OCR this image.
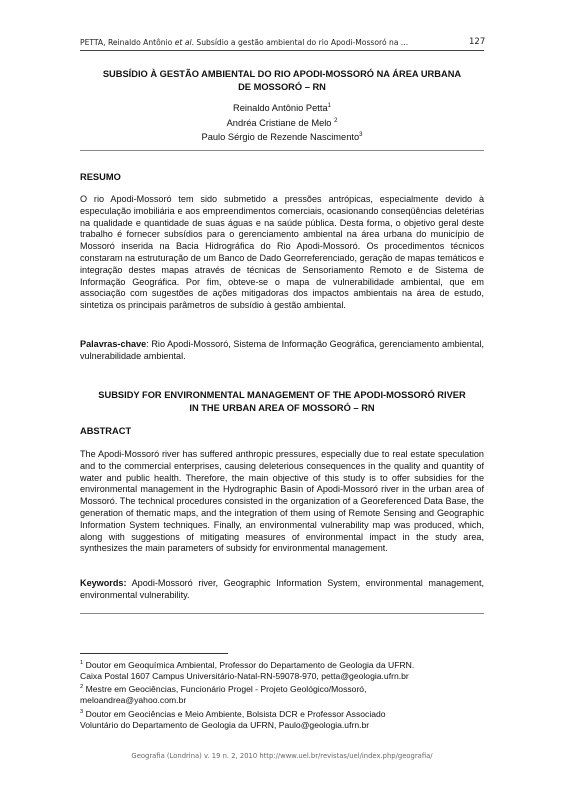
PETTA, Reinaldo Antônio et al. Subsídio a gestão ambiental do rio Apodi-Mossoró na ...	127
SUBSÍDIO À GESTÃO AMBIENTAL DO RIO APODI-MOSSORÓ NA ÁREA URBANA
DE MOSSORÓ – RN
Reinaldo Antônio Petta$^1$
Andréa Cristiane de Melo $^2$
Paulo Sérgio de Rezende Nascimento$^3$
RESUMO

O rio Apodi-Mossoró tem sido submetido a pressões antrópicas, especialmente devido à especulação imobiliária e aos empreendimentos comerciais, ocasionando conseqüências deletérias na qualidade e quantidade de suas águas e na saúde pública. Desta forma, o objetivo geral deste trabalho é fornecer subsídios para o gerenciamento ambiental na área urbana do município de Mossoró inserida na Bacia Hidrográfica do Rio Apodi-Mossoró. Os procedimentos técnicos constaram na estruturação de um Banco de Dado Georreferenciado, geração de mapas temáticos e integração destes mapas através de técnicas de Sensoriamento Remoto e de Sistema de Informação Geográfica. Por fim, obteve-se o mapa de vulnerabilidade ambiental, que em associação com sugestões de ações mitigadoras dos impactos ambientais na área de estudo, sintetiza os principais parâmetros de subsídio à gestão ambiental.

Palavras-chave: Rio Apodi-Mossoró, Sistema de Informação Geográfica, gerenciamento ambiental, vulnerabilidade ambiental.

SUBSIDY FOR ENVIRONMENTAL MANAGEMENT OF THE APODI-MOSSORÓ RIVER
IN THE URBAN AREA OF MOSSORÓ – RN
ABSTRACT

The Apodi-Mossoró river has suffered anthropic pressures, especially due to real estate speculation and to the commercial enterprises, causing deleterious consequences in the quality and quantity of water and public health. Therefore, the main objective of this study is to offer subsidies for the environmental management in the Hydrographic Basin of Apodi-Mossoró river in the urban area of Mossoró. The technical procedures consisted in the organization of a Georeferenced Data Base, the generation of thematic maps, and the integration of them using of Remote Sensing and Geographic Information System techniques. Finally, an environmental vulnerability map was produced, which, along with suggestions of mitigating measures of environmental impact in the study area, synthesizes the main parameters of subsidy for environmental management.

Keywords: Apodi-Mossoró river, Geographic Information System, environmental management, environmental vulnerability.

$^1$ Doutor em Geoquímica Ambiental, Professor do Departamento de Geologia da UFRN.
Caixa Postal 1607 Campus Universitário-Natal-RN-59078-970, petta@geologia.ufrn.br
$^2$ Mestre em Geociências, Funcionário Progel - Projeto Geológico/Mossoró,
meloandrea@yahoo.com.br
$^3$ Doutor em Geociências e Meio Ambiente, Bolsista DCR e Professor Associado
Voluntário do Departamento de Geologia da UFRN, Paulo@geologia.ufrn.br
Geografia (Londrina) v. 19 n. 2, 2010 http://www.uel.br/revistas/uel/index.php/geografia/
